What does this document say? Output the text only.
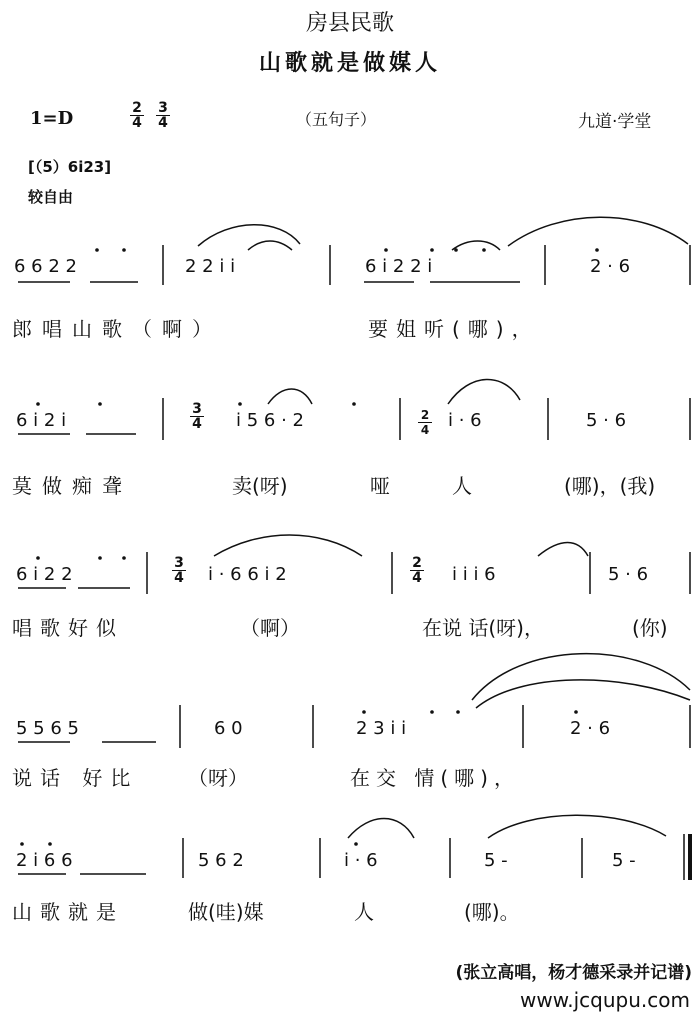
房县民歌
山歌就是做媒人
1=D	$\frac{2}{4} \frac{3}{4}$	（五句子）	九道·学堂
[（5）6i23]
较自由
6 6 2 2	2 2 i i	6 i 2 2 i	2 · 6
郎唱山歌（啊）	要姐听(哪)，
6 i 2 i	$\frac{3}{4}$ i 5 6 · 2	$\frac{2}{4}$ i · 6	5 · 6
莫做痴聋	卖(呀)	哑	人	(哪)，(我)
6 i 2 2	$\frac{3}{4}$ i · 6 6 i 2	$\frac{2}{4}$ i i i 6	5 · 6
唱歌好似	（啊）	在说 话(呀)，	(你)
5 5 6 5	6 0	2 3 i i	2 · 6
说话 好比 （呀）	在交 情(哪)，
2 i 6 6	5 6 2	i · 6	5 -	5 -
山歌就是	做(哇)媒	人	(哪)。
(张立高唱，杨才德采录并记谱)
www.jcqupu.com
